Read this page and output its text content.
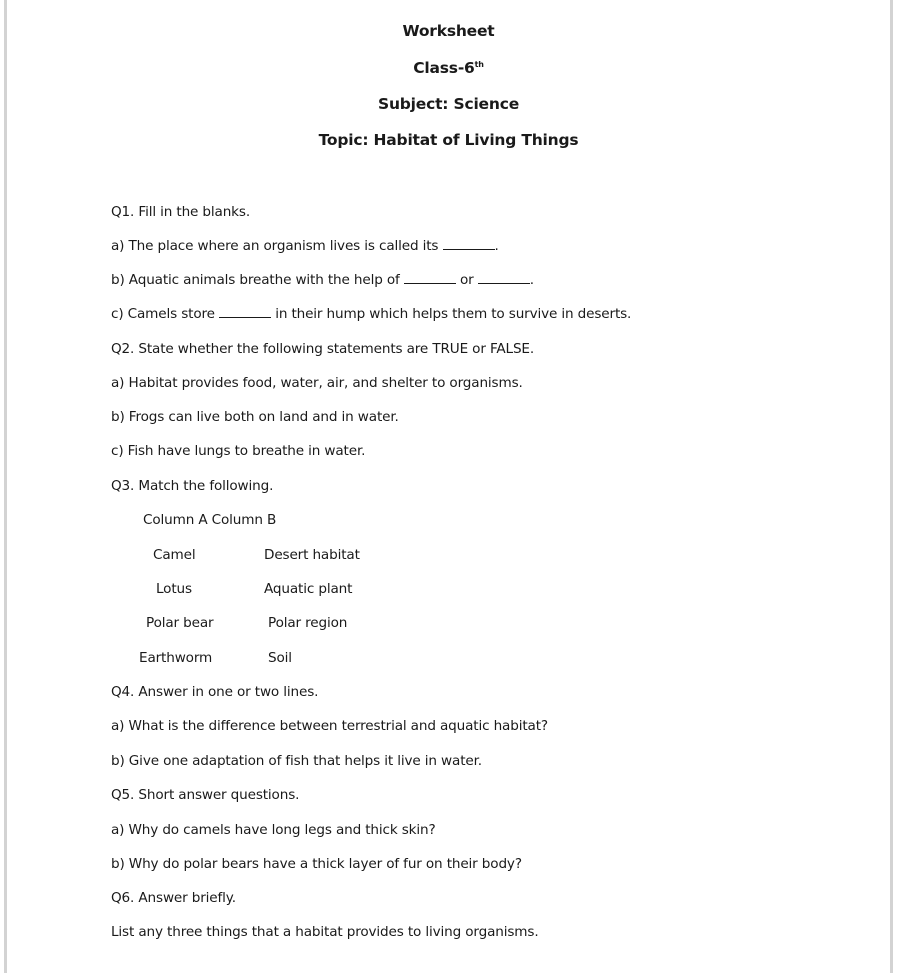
Worksheet
Class-6th
Subject: Science
Topic: Habitat of Living Things
Q1. Fill in the blanks.
a) The place where an organism lives is called its	.
b) Aquatic animals breathe with the help of	or	.
c) Camels store	in their hump which helps them to survive in deserts.
Q2. State whether the following statements are TRUE or FALSE.
a) Habitat provides food, water, air, and shelter to organisms.
b) Frogs can live both on land and in water.
c) Fish have lungs to breathe in water.
Q3. Match the following.
Column A Column B
Camel	Desert habitat
Lotus	Aquatic plant
Polar bear	Polar region
Earthworm	Soil
Q4. Answer in one or two lines.
a) What is the difference between terrestrial and aquatic habitat?
b) Give one adaptation of fish that helps it live in water.
Q5. Short answer questions.
a) Why do camels have long legs and thick skin?
b) Why do polar bears have a thick layer of fur on their body?
Q6. Answer briefly.
List any three things that a habitat provides to living organisms.
